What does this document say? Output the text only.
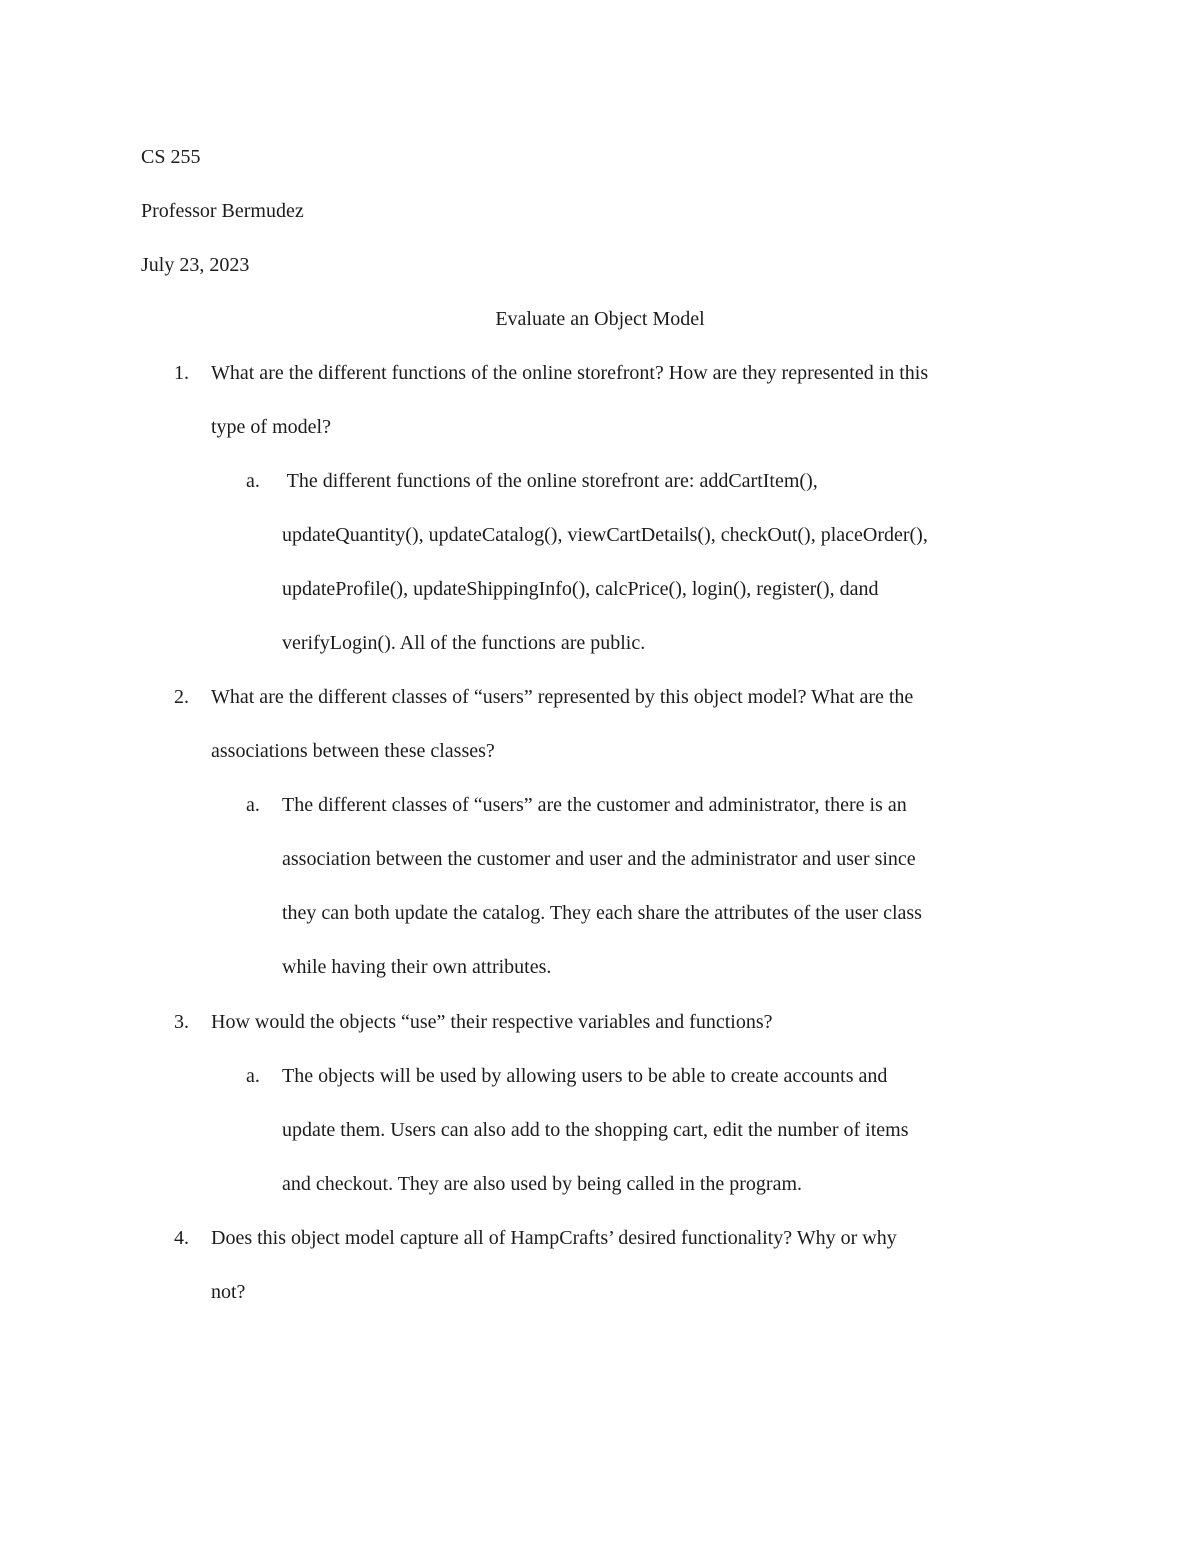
CS 255
Professor Bermudez
July 23, 2023
Evaluate an Object Model
1. What are the different functions of the online storefront? How are they represented in this
type of model?
a. The different functions of the online storefront are: addCartItem(),
updateQuantity(), updateCatalog(), viewCartDetails(), checkOut(), placeOrder(),
updateProfile(), updateShippingInfo(), calcPrice(), login(), register(), dand
verifyLogin(). All of the functions are public.
2. What are the different classes of “users” represented by this object model? What are the
associations between these classes?
a. The different classes of “users” are the customer and administrator, there is an
association between the customer and user and the administrator and user since
they can both update the catalog. They each share the attributes of the user class
while having their own attributes.
3. How would the objects “use” their respective variables and functions?
a. The objects will be used by allowing users to be able to create accounts and
update them. Users can also add to the shopping cart, edit the number of items
and checkout. They are also used by being called in the program.
4. Does this object model capture all of HampCrafts’ desired functionality? Why or why
not?
